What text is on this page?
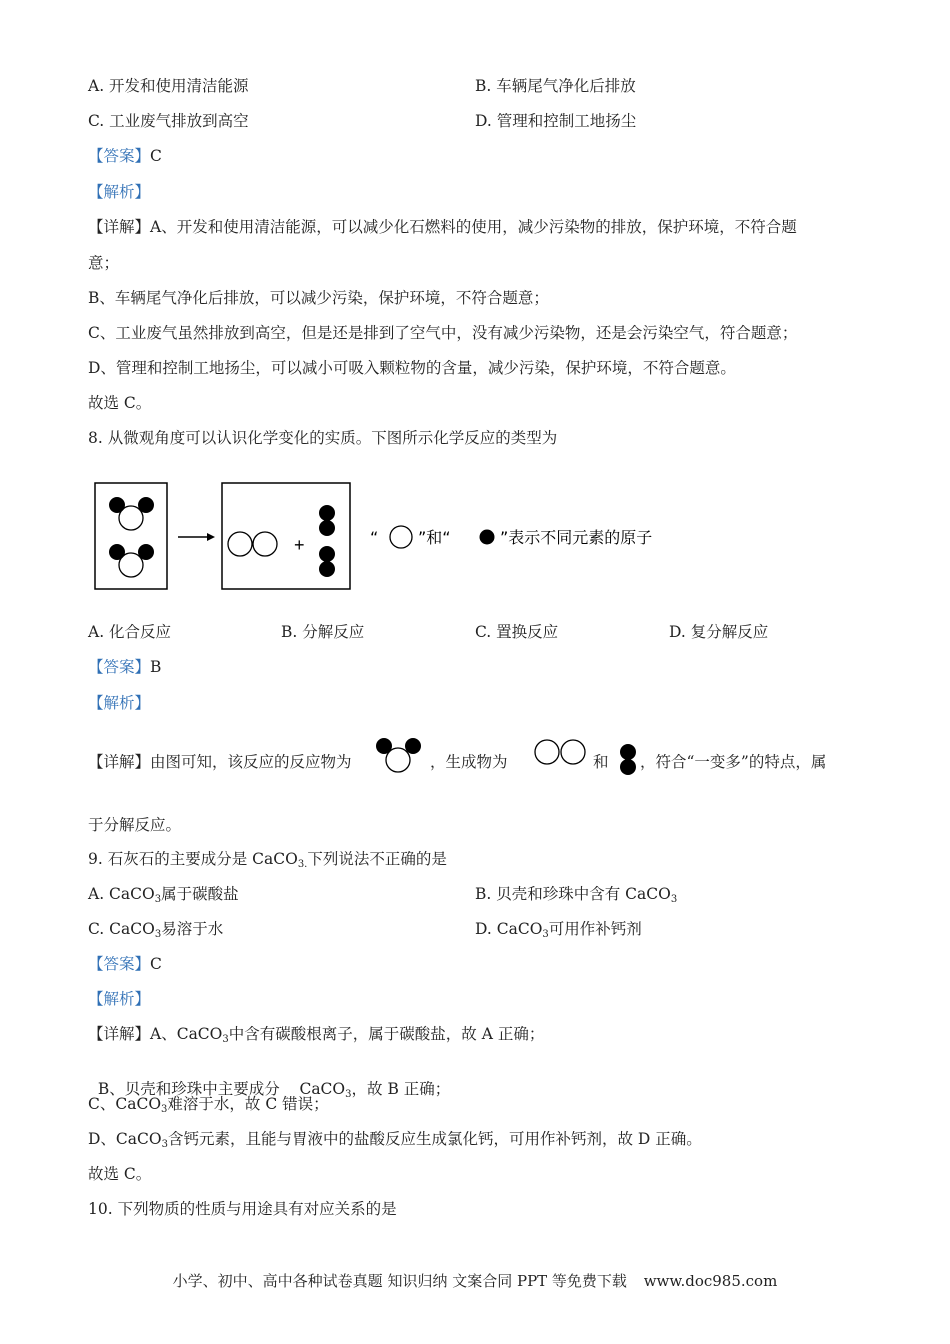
A. 开发和使用清洁能源	B. 车辆尾气净化后排放
C. 工业废气排放到高空	D. 管理和控制工地扬尘
【答案】C
【解析】
【详解】A、开发和使用清洁能源，可以减少化石燃料的使用，减少污染物的排放，保护环境，不符合题
意；
B、车辆尾气净化后排放，可以减少污染，保护环境，不符合题意；
C、工业废气虽然排放到高空，但是还是排到了空气中，没有减少污染物，还是会污染空气，符合题意；
D、管理和控制工地扬尘，可以减小可吸入颗粒物的含量，减少污染，保护环境，不符合题意。
故选 C。
8. 从微观角度可以认识化学变化的实质。下图所示化学反应的类型为
+	“ ”和“	”表示不同元素的原子
A. 化合反应	B. 分解反应	C. 置换反应	D. 复分解反应
【答案】B
【解析】
【详解】由图可知，该反应的反应物为	，生成物为	和 ，符合“一变多”的特点，属
于分解反应。
9. 石灰石的主要成分是 CaCO$_{3.}$下列说法不正确的是
A. CaCO$_3$属于碳酸盐	B. 贝壳和珍珠中含有 CaCO$_3$
C. CaCO$_3$易溶于水	D. CaCO$_3$可用作补钙剂
【答案】C
【解析】
【详解】A、CaCO$_3$中含有碳酸根离子，属于碳酸盐，故 A 正确；

B、贝壳和珍珠中主要成分    CaCO$_3$，故 B 正确；

C、CaCO$_3$难溶于水，故 C 错误；
D、CaCO$_3$含钙元素，且能与胃液中的盐酸反应生成氯化钙，可用作补钙剂，故 D 正确。
故选 C。
10. 下列物质的性质与用途具有对应关系的是
小学、初中、高中各种试卷真题 知识归纳 文案合同 PPT 等免费下载 www.doc985.com
